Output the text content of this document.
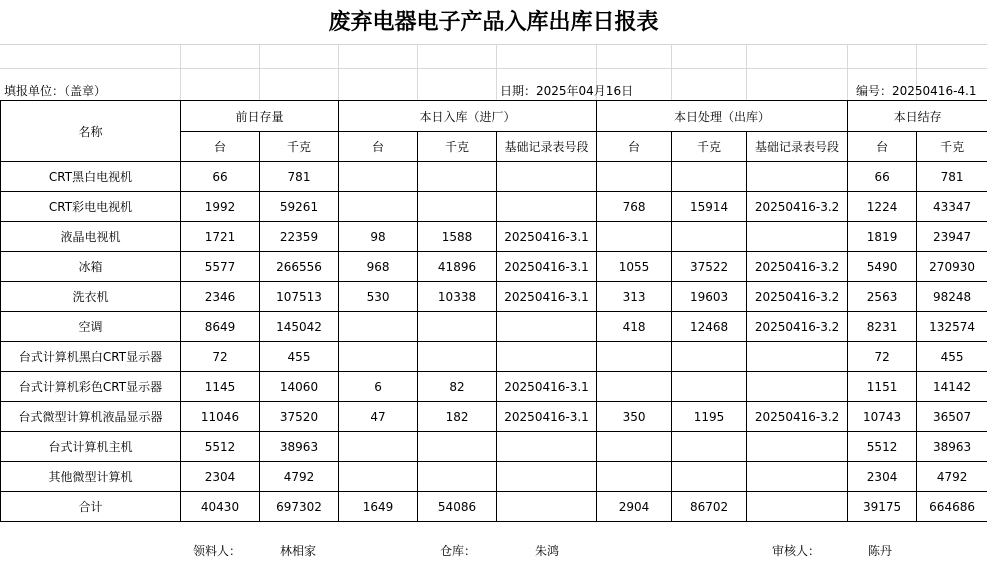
废弃电器电子产品入库出库日报表
填报单位：（盖章）	日期：2025年04月16日	编号：20250416-4.1
名称	前日存量		本日入库（进厂）			本日处理（出库）			本日结存	
	台	千克	台	千克	基础记录表号段	台	千克	基础记录表号段	台	千克
CRT黑白电视机	66	781							66	781
CRT彩电电视机	1992	59261				768	15914	20250416-3.2	1224	43347
液晶电视机	1721	22359	98	1588	20250416-3.1				1819	23947
冰箱	5577	266556	968	41896	20250416-3.1	1055	37522	20250416-3.2	5490	270930
洗衣机	2346	107513	530	10338	20250416-3.1	313	19603	20250416-3.2	2563	98248
空调	8649	145042				418	12468	20250416-3.2	8231	132574
台式计算机黑白CRT显示器	72	455							72	455
台式计算机彩色CRT显示器	1145	14060	6	82	20250416-3.1				1151	14142
台式微型计算机液晶显示器	11046	37520	47	182	20250416-3.1	350	1195	20250416-3.2	10743	36507
台式计算机主机	5512	38963							5512	38963
其他微型计算机	2304	4792							2304	4792
合计	40430	697302	1649	54086		2904	86702		39175	664686
领料人：	林相家	仓库：	朱鸿	审核人：	陈丹
